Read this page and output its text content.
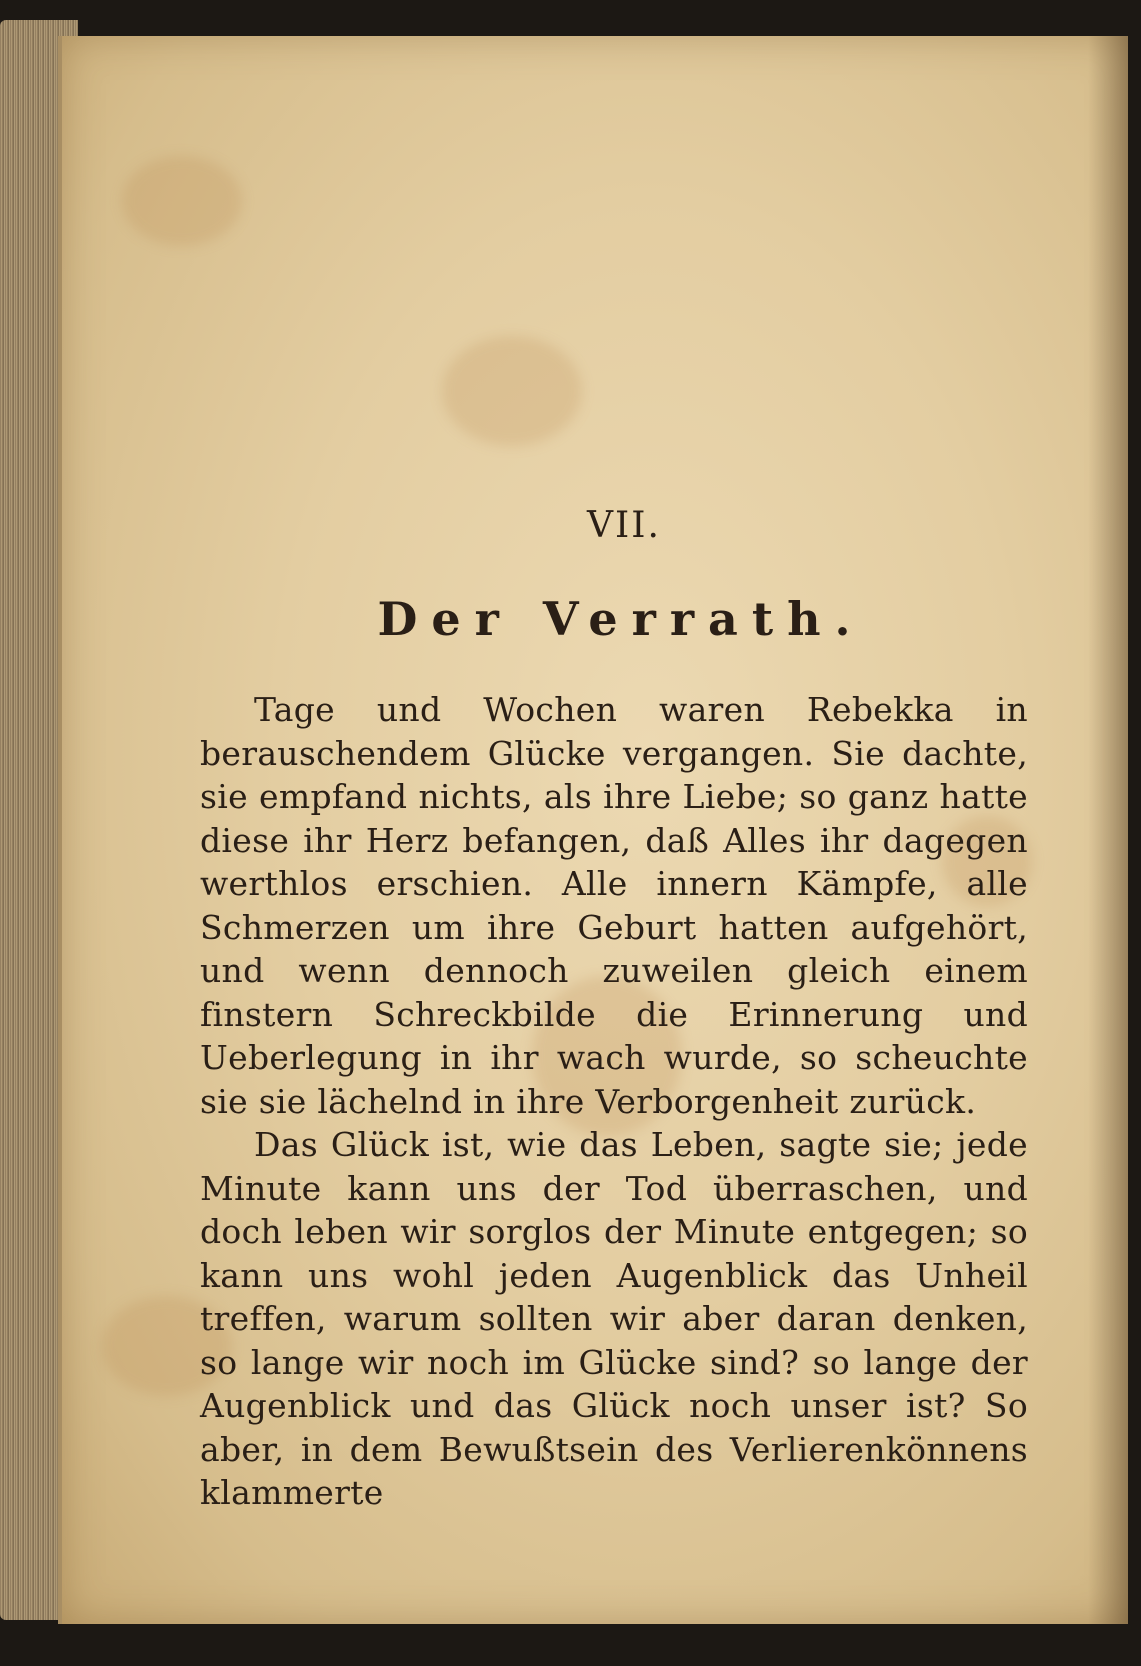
VII.
Der Verrath.

Tage und Wochen waren Rebekka in berauschendem Glücke vergangen. Sie dachte, sie empfand nichts, als ihre Liebe; so ganz hatte diese ihr Herz befangen, daß Alles ihr dagegen werthlos erschien. Alle innern Kämpfe, alle Schmerzen um ihre Geburt hatten aufgehört, und wenn dennoch zuweilen gleich einem finstern Schreckbilde die Erinnerung und Ueberlegung in ihr wach wurde, so scheuchte sie sie lächelnd in ihre Verborgenheit zurück.

Das Glück ist, wie das Leben, sagte sie; jede Minute kann uns der Tod überraschen, und doch leben wir sorglos der Minute entgegen; so kann uns wohl jeden Augenblick das Unheil treffen, warum sollten wir aber daran denken, so lange wir noch im Glücke sind? so lange der Augenblick und das Glück noch unser ist? So aber, in dem Bewußtsein des Verlierenkönnens klammerte
